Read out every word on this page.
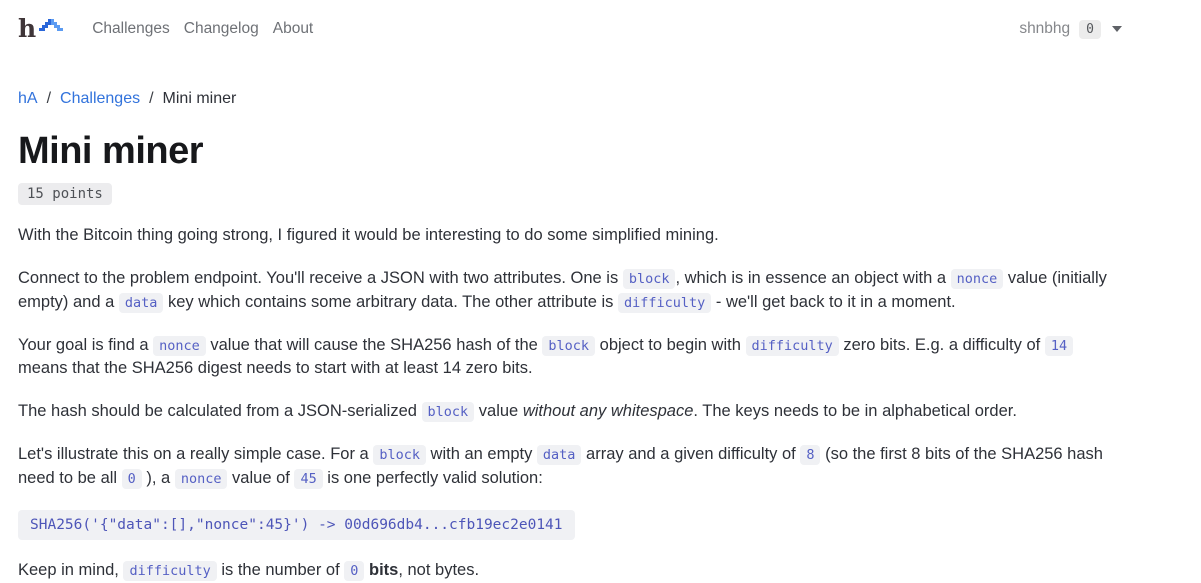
h	Challenges Changelog About	shnbhg	0
hA / Challenges / Mini miner
Mini miner
15 points

With the Bitcoin thing going strong, I figured it would be interesting to do some simplified mining.

Connect to the problem endpoint. You'll receive a JSON with two attributes. One is block , which is in essence an object with a nonce value (initially empty) and a data key which contains some arbitrary data. The other attribute is difficulty - we'll get back to it in a moment.

Your goal is find a nonce value that will cause the SHA256 hash of the block object to begin with difficulty zero bits. E.g. a difficulty of 14 means that the SHA256 digest needs to start with at least 14 zero bits.

The hash should be calculated from a JSON-serialized block value without any whitespace. The keys needs to be in alphabetical order.

Let's illustrate this on a really simple case. For a block with an empty data array and a given difficulty of 8 (so the first 8 bits of the SHA256 hash need to be all 0 ), a nonce value of 45 is one perfectly valid solution:

SHA256('{"data":[],"nonce":45}') -> 00d696db4...cfb19ec2e0141

Keep in mind, difficulty is the number of 0 bits, not bytes.
